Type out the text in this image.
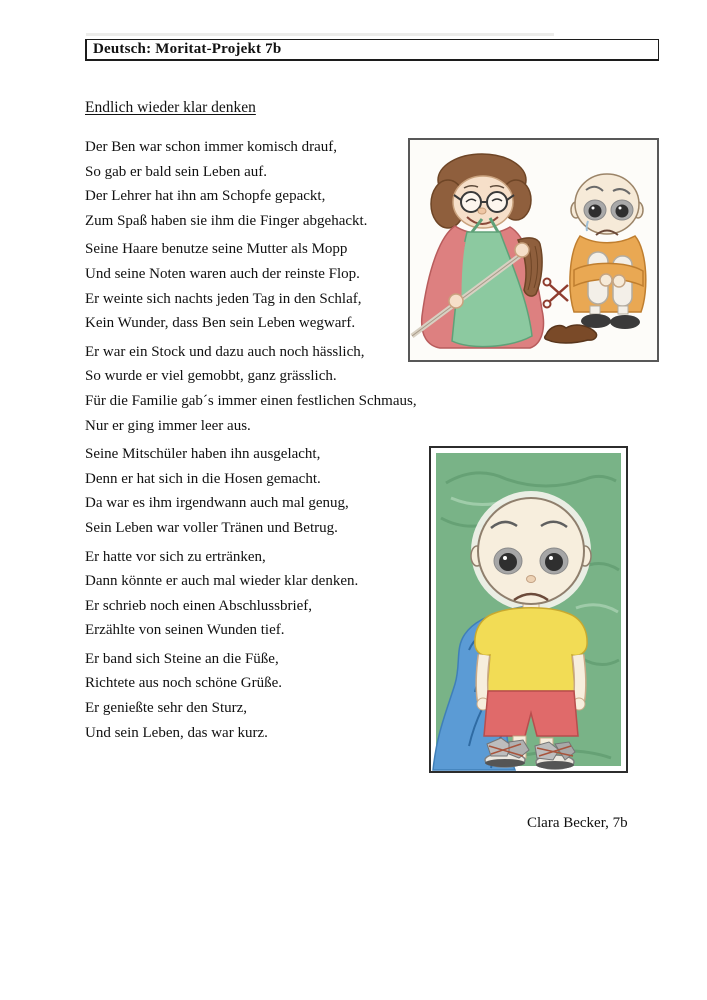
Deutsch: Moritat-Projekt 7b
Endlich wieder klar denken
Der Ben war schon immer komisch drauf,
So gab er bald sein Leben auf.
Der Lehrer hat ihn am Schopfe gepackt,
Zum Spaß haben sie ihm die Finger abgehackt.
Seine Haare benutze seine Mutter als Mopp
Und seine Noten waren auch der reinste Flop.
Er weinte sich nachts jeden Tag in den Schlaf,
Kein Wunder, dass Ben sein Leben wegwarf.
Er war ein Stock und dazu auch noch hässlich,
So wurde er viel gemobbt, ganz grässlich.
Für die Familie gab´s immer einen festlichen Schmaus,
Nur er ging immer leer aus.
Seine Mitschüler haben ihn ausgelacht,
Denn er hat sich in die Hosen gemacht.
Da war es ihm irgendwann auch mal genug,
Sein Leben war voller Tränen und Betrug.
Er hatte vor sich zu ertränken,
Dann könnte er auch mal wieder klar denken.
Er schrieb noch einen Abschlussbrief,
Erzählte von seinen Wunden tief.
Er band sich Steine an die Füße,
Richtete aus noch schöne Grüße.
Er genießte sehr den Sturz,
Und sein Leben, das war kurz.
Clara Becker, 7b
